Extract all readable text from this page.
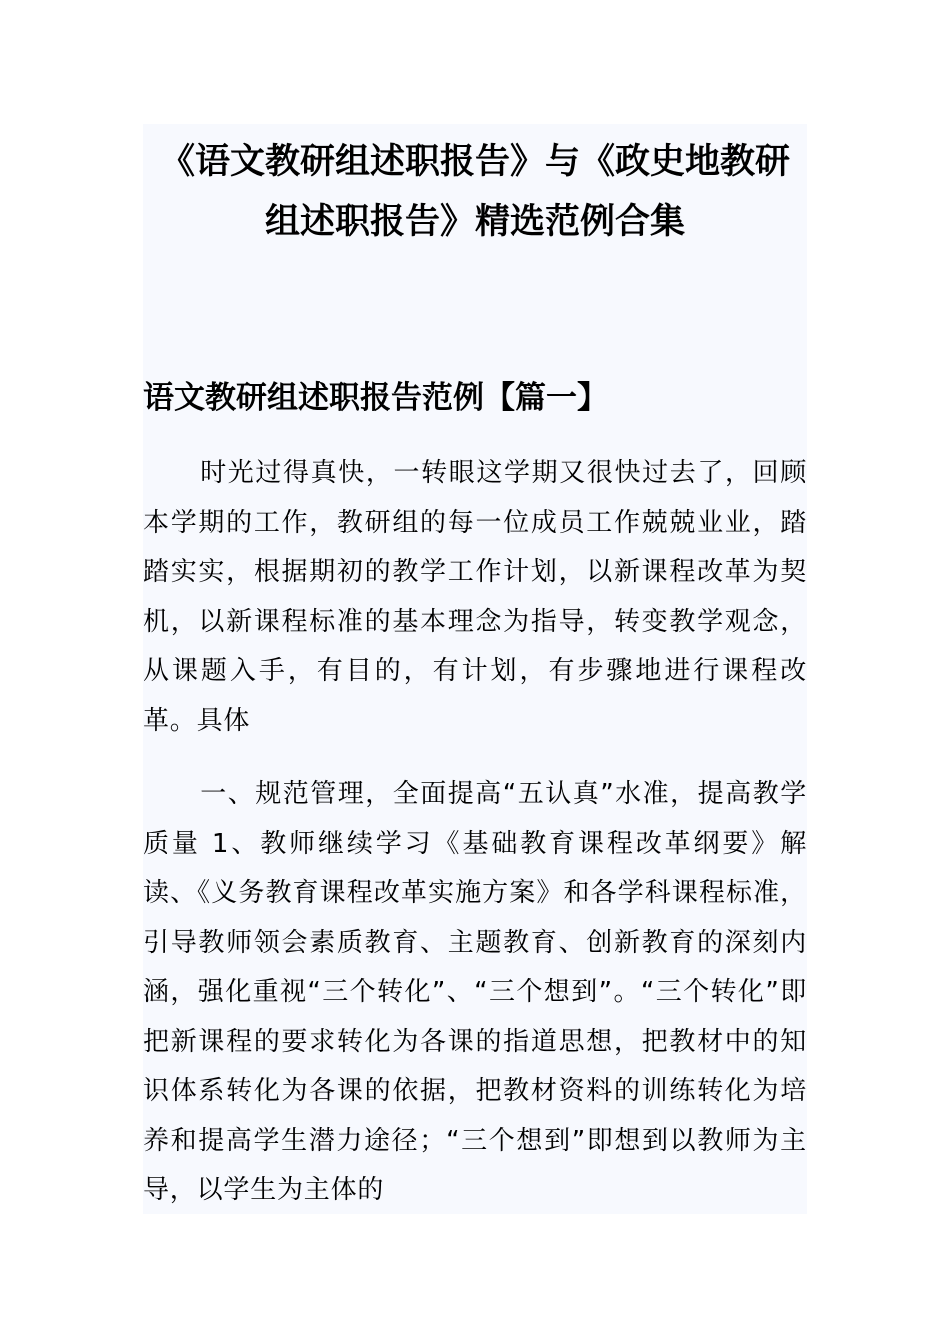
《语文教研组述职报告》与《政史地教研组述职报告》精选范例合集
语文教研组述职报告范例【篇一】

时光过得真快，一转眼这学期又很快过去了，回顾本学期的工作，教研组的每一位成员工作兢兢业业，踏踏实实，根据期初的教学工作计划，以新课程改革为契机，以新课程标准的基本理念为指导，转变教学观念，从课题入手，有目的，有计划，有步骤地进行课程改革。具体

一、规范管理，全面提高“五认真”水准，提高教学质量 1、教师继续学习《基础教育课程改革纲要》解读、《义务教育课程改革实施方案》和各学科课程标准，引导教师领会素质教育、主题教育、创新教育的深刻内涵，强化重视“三个转化”、“三个想到”。“三个转化”即把新课程的要求转化为各课的指道思想，把教材中的知识体系转化为各课的依据，把教材资料的训练转化为培养和提高学生潜力途径；“三个想到”即想到以教师为主导，以学生为主体的
